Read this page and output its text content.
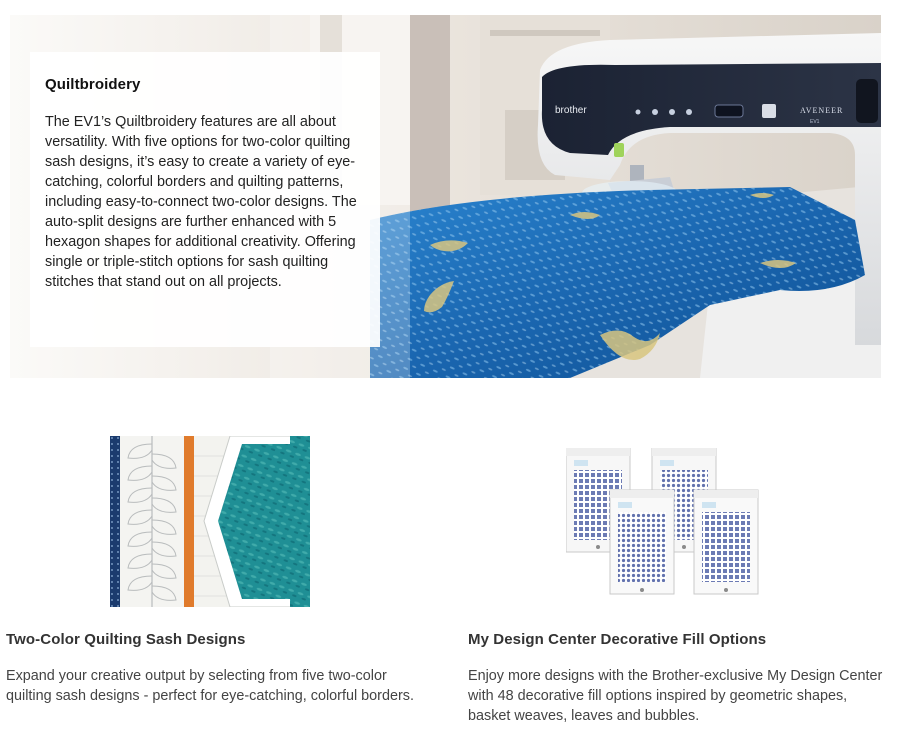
brother	AVENEER
EV1
Quiltbroidery

The EV1’s Quiltbroidery features are all about versatility. With five options for two-color quilting sash designs, it’s easy to create a variety of eye-catching, colorful borders and quilting patterns, including easy-to-connect two-color designs. The auto-split designs are further enhanced with 5 hexagon shapes for additional creativity. Offering single or triple-stitch options for sash quilting stitches that stand out on all projects.

Two-Color Quilting Sash Designs

Expand your creative output by selecting from five two-color quilting sash designs - perfect for eye-catching, colorful borders.

My Design Center Decorative Fill Options

Enjoy more designs with the Brother-exclusive My Design Center with 48 decorative fill options inspired by geometric shapes, basket weaves, leaves and bubbles.
